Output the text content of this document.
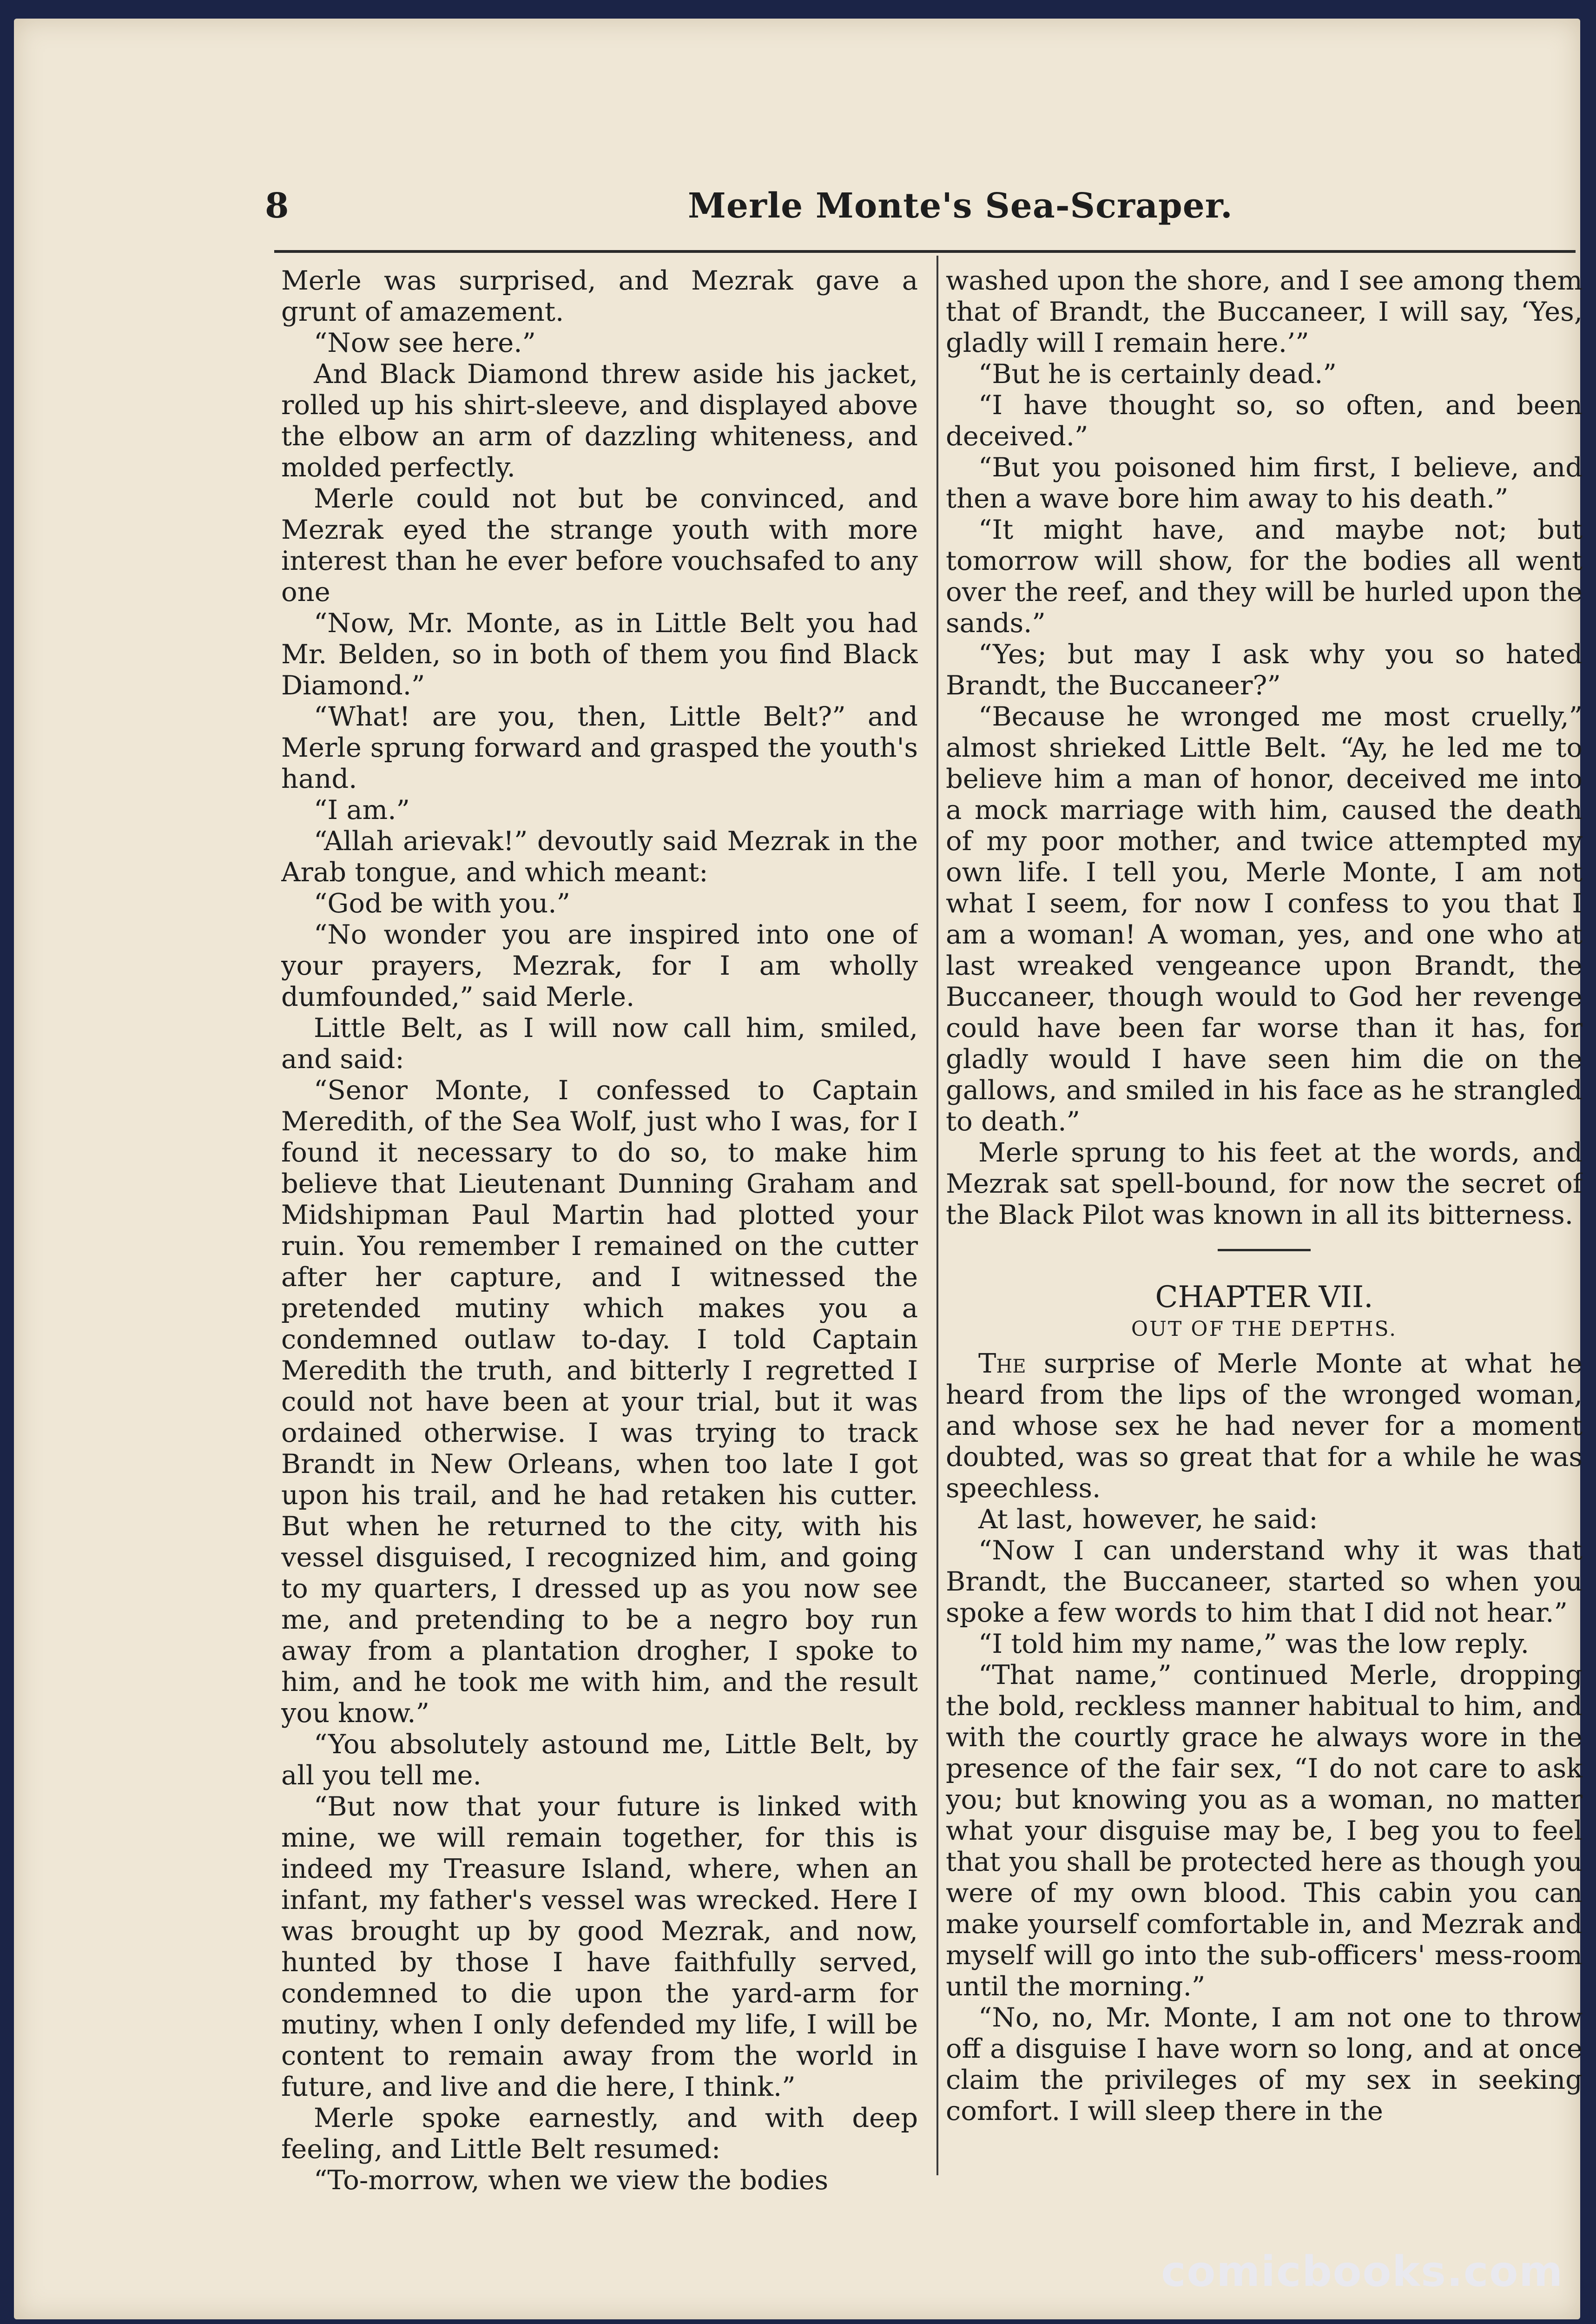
8	Merle Monte's Sea-Scraper.

Merle was surprised, and Mezrak gave a grunt of amazement.

“Now see here.”

And Black Diamond threw aside his jacket, rolled up his shirt-sleeve, and displayed above the elbow an arm of dazzling whiteness, and molded perfectly.

Merle could not but be convinced, and Mezrak eyed the strange youth with more interest than he ever before vouchsafed to any one

“Now, Mr. Monte, as in Little Belt you had Mr. Belden, so in both of them you find Black Diamond.”

“What! are you, then, Little Belt?” and Merle sprung forward and grasped the youth's hand.

“I am.”

“Allah arievak!” devoutly said Mezrak in the Arab tongue, and which meant:

“God be with you.”

“No wonder you are inspired into one of your prayers, Mezrak, for I am wholly dumfounded,” said Merle.

Little Belt, as I will now call him, smiled, and said:

“Senor Monte, I confessed to Captain Meredith, of the Sea Wolf, just who I was, for I found it necessary to do so, to make him believe that Lieutenant Dunning Graham and Midshipman Paul Martin had plotted your ruin. You remember I remained on the cutter after her capture, and I witnessed the pretended mutiny which makes you a condemned outlaw to-day. I told Captain Meredith the truth, and bitterly I regretted I could not have been at your trial, but it was ordained otherwise. I was trying to track Brandt in New Orleans, when too late I got upon his trail, and he had retaken his cutter. But when he returned to the city, with his vessel disguised, I recognized him, and going to my quarters, I dressed up as you now see me, and pretending to be a negro boy run away from a plantation drogher, I spoke to him, and he took me with him, and the result you know.”

“You absolutely astound me, Little Belt, by all you tell me.

“But now that your future is linked with mine, we will remain together, for this is indeed my Treasure Island, where, when an infant, my father's vessel was wrecked. Here I was brought up by good Mezrak, and now, hunted by those I have faithfully served, condemned to die upon the yard-arm for mutiny, when I only defended my life, I will be content to remain away from the world in future, and live and die here, I think.”

Merle spoke earnestly, and with deep feeling, and Little Belt resumed:

“To-morrow, when we view the bodies

washed upon the shore, and I see among them that of Brandt, the Buccaneer, I will say, ‘Yes, gladly will I remain here.’”

“But he is certainly dead.”

“I have thought so, so often, and been deceived.”

“But you poisoned him first, I believe, and then a wave bore him away to his death.”

“It might have, and maybe not; but tomorrow will show, for the bodies all went over the reef, and they will be hurled upon the sands.”

“Yes; but may I ask why you so hated Brandt, the Buccaneer?”

“Because he wronged me most cruelly,” almost shrieked Little Belt. “Ay, he led me to believe him a man of honor, deceived me into a mock marriage with him, caused the death of my poor mother, and twice attempted my own life. I tell you, Merle Monte, I am not what I seem, for now I confess to you that I am a woman! A woman, yes, and one who at last wreaked vengeance upon Brandt, the Buccaneer, though would to God her revenge could have been far worse than it has, for gladly would I have seen him die on the gallows, and smiled in his face as he strangled to death.”

Merle sprung to his feet at the words, and Mezrak sat spell-bound, for now the secret of the Black Pilot was known in all its bitterness.

CHAPTER VII.
OUT OF THE DEPTHS.

The surprise of Merle Monte at what he heard from the lips of the wronged woman, and whose sex he had never for a moment doubted, was so great that for a while he was speechless.

At last, however, he said:

“Now I can understand why it was that Brandt, the Buccaneer, started so when you spoke a few words to him that I did not hear.”

“I told him my name,” was the low reply.

“That name,” continued Merle, dropping the bold, reckless manner habitual to him, and with the courtly grace he always wore in the presence of the fair sex, “I do not care to ask you; but knowing you as a woman, no matter what your disguise may be, I beg you to feel that you shall be protected here as though you were of my own blood. This cabin you can make yourself comfortable in, and Mezrak and myself will go into the sub-officers' mess-room until the morning.”

“No, no, Mr. Monte, I am not one to throw off a disguise I have worn so long, and at once claim the privileges of my sex in seeking comfort. I will sleep there in the

comicbooks.com
